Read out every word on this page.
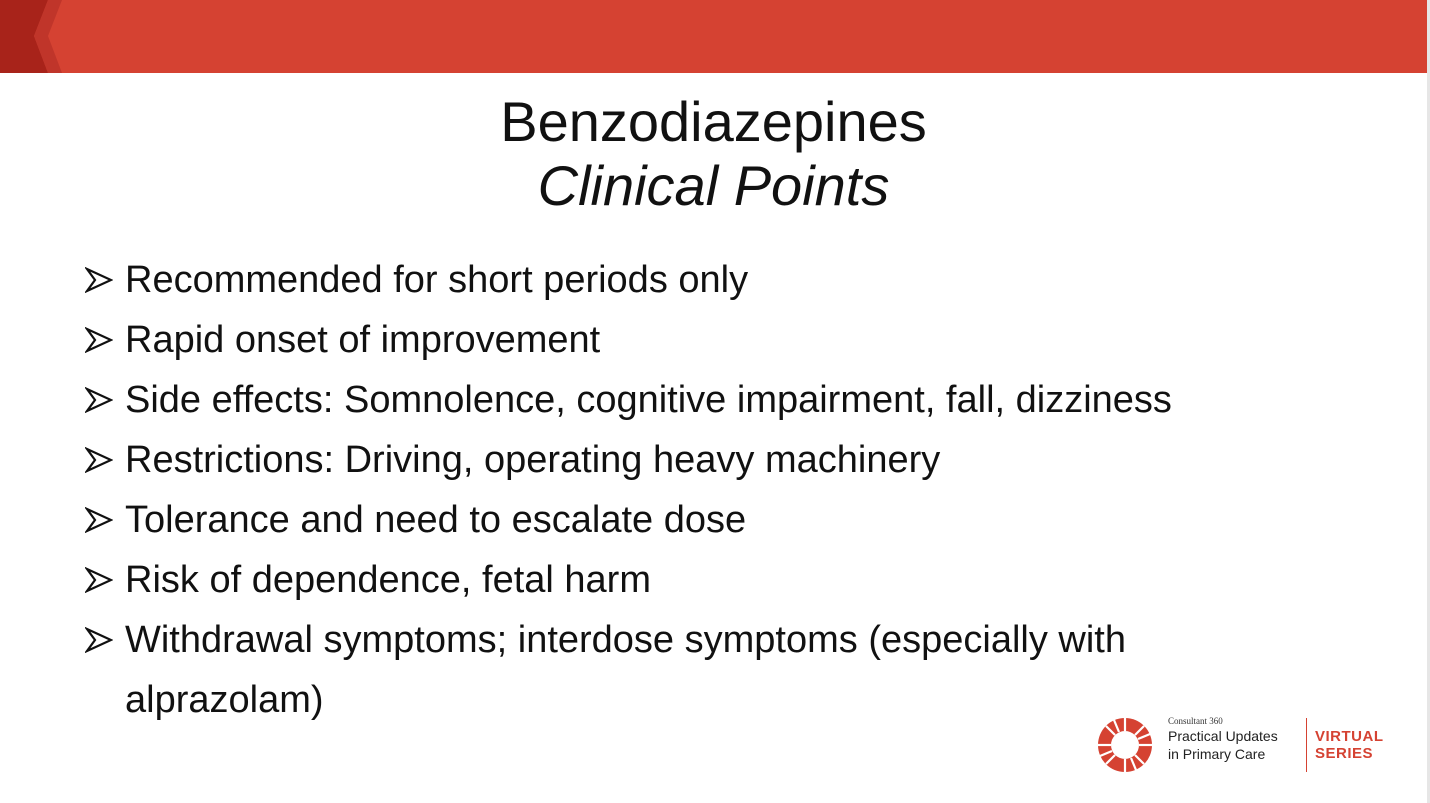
Benzodiazepines
Clinical Points
Recommended for short periods only
Rapid onset of improvement
Side effects: Somnolence, cognitive impairment, fall, dizziness
Restrictions: Driving, operating heavy machinery
Tolerance and need to escalate dose
Risk of dependence, fetal harm
Withdrawal symptoms; interdose symptoms (especially with alprazolam)	Consultant 360
Practical Updates
in Primary Care
VIRTUAL
SERIES
